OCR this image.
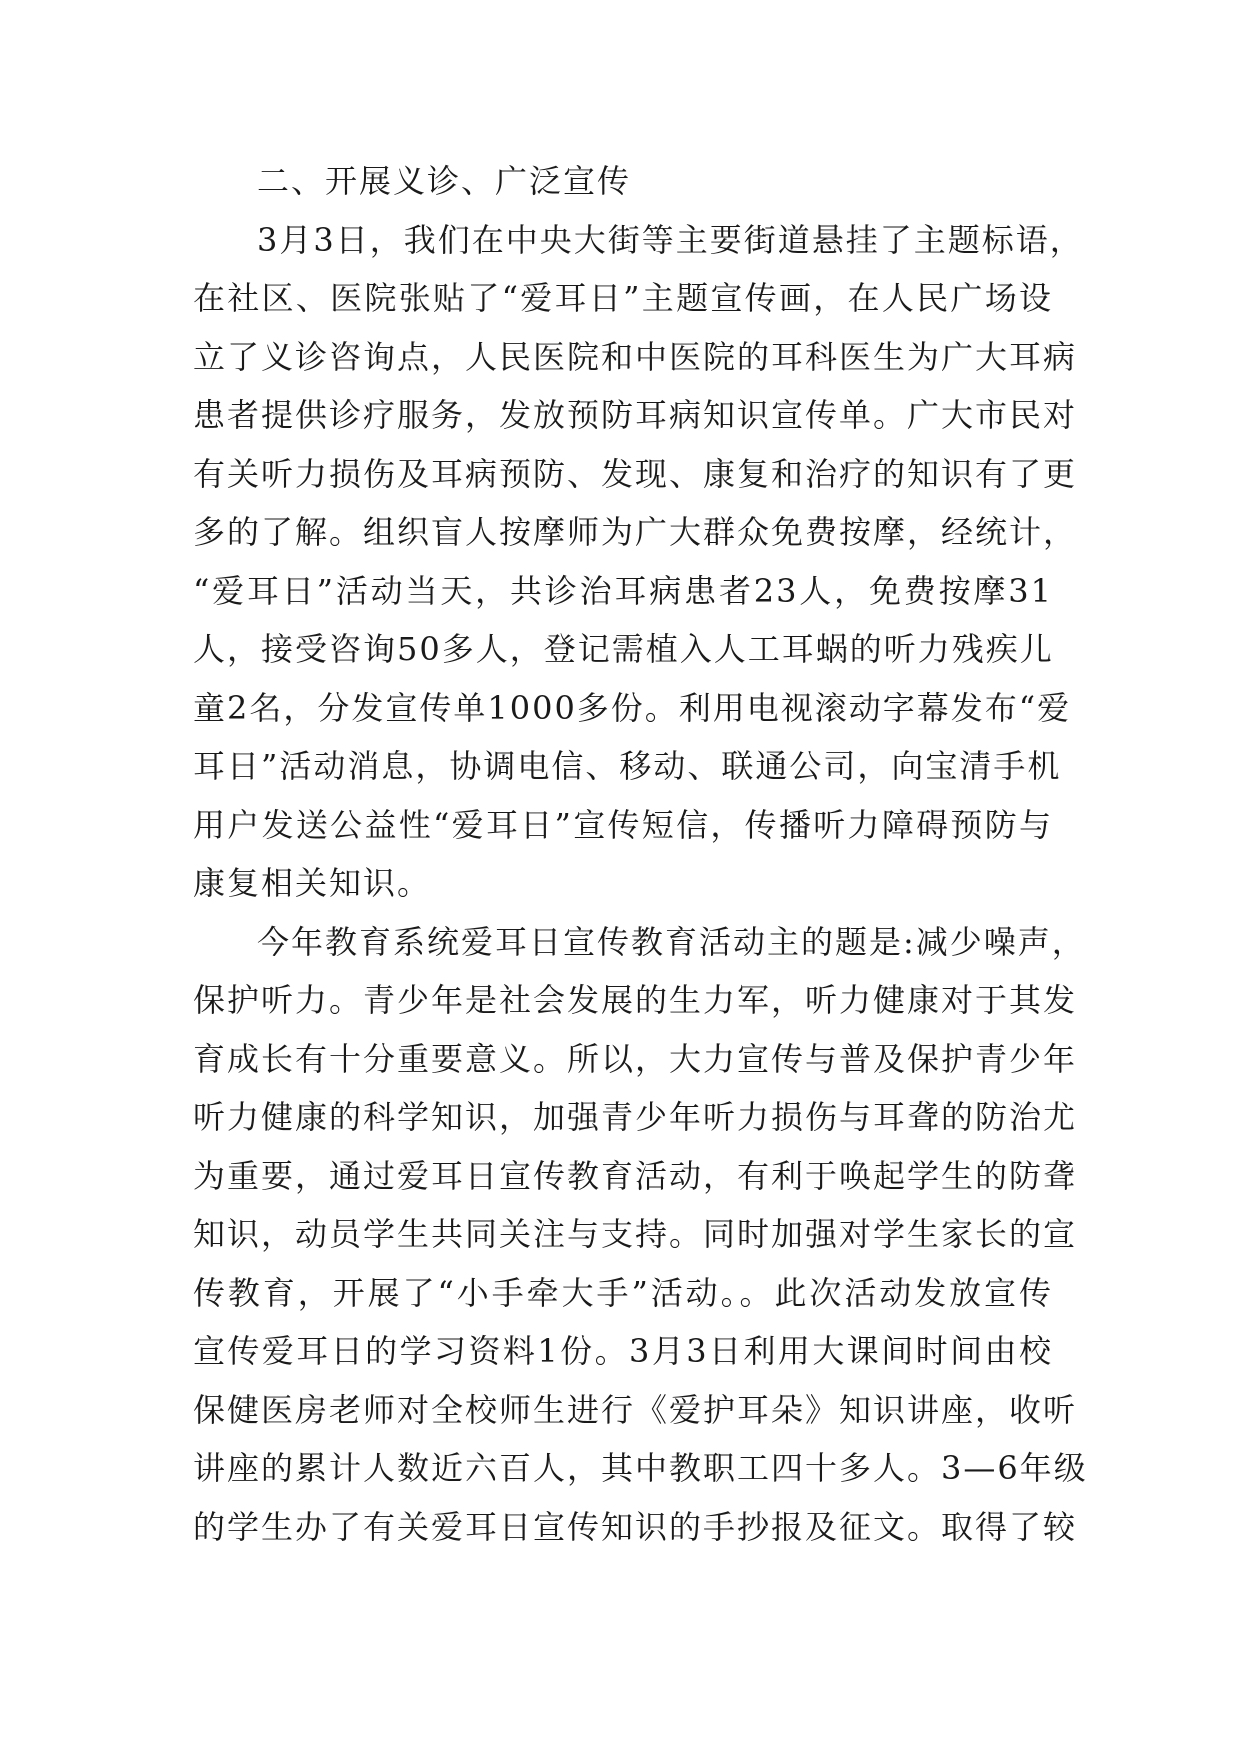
二、开展义诊、广泛宣传

3月3日，我们在中央大街等主要街道悬挂了主题标语，
在社区、医院张贴了“爱耳日”主题宣传画，在人民广场设
立了义诊咨询点，人民医院和中医院的耳科医生为广大耳病
患者提供诊疗服务，发放预防耳病知识宣传单。广大市民对
有关听力损伤及耳病预防、发现、康复和治疗的知识有了更
多的了解。组织盲人按摩师为广大群众免费按摩，经统计，
“爱耳日”活动当天，共诊治耳病患者23人，免费按摩31
人，接受咨询50多人，登记需植入人工耳蜗的听力残疾儿
童2名，分发宣传单1000多份。利用电视滚动字幕发布“爱
耳日”活动消息，协调电信、移动、联通公司，向宝清手机
用户发送公益性“爱耳日”宣传短信，传播听力障碍预防与
康复相关知识。

今年教育系统爱耳日宣传教育活动主的题是:减少噪声，
保护听力。青少年是社会发展的生力军，听力健康对于其发
育成长有十分重要意义。所以，大力宣传与普及保护青少年
听力健康的科学知识，加强青少年听力损伤与耳聋的防治尤
为重要，通过爱耳日宣传教育活动，有利于唤起学生的防聋
知识，动员学生共同关注与支持。同时加强对学生家长的宣
传教育，开展了“小手牵大手”活动。。此次活动发放宣传
宣传爱耳日的学习资料1份。3月3日利用大课间时间由校
保健医房老师对全校师生进行《爱护耳朵》知识讲座，收听
讲座的累计人数近六百人，其中教职工四十多人。3—6年级
的学生办了有关爱耳日宣传知识的手抄报及征文。取得了较
